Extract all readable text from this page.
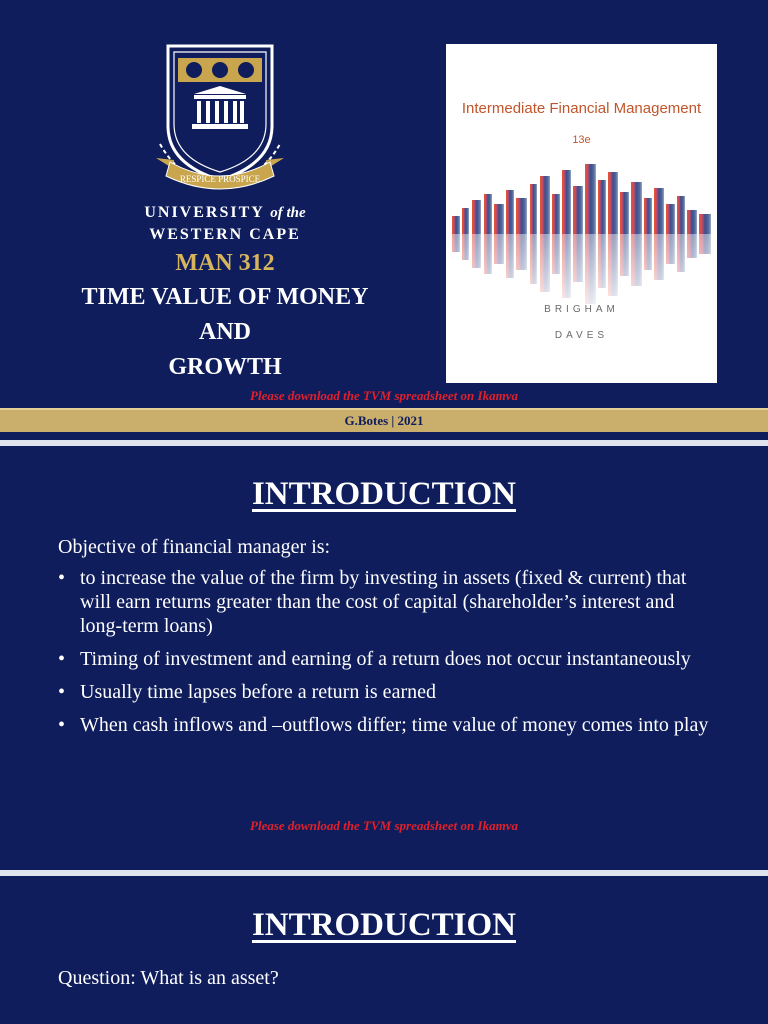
RESPICE PROSPICE
UNIVERSITY of the
WESTERN CAPE
MAN 312
TIME VALUE OF MONEY
AND
GROWTH
Intermediate Financial Management
13e
BRIGHAM
DAVES
Please download the TVM spreadsheet on Ikamva
G.Botes | 2021
INTRODUCTION
Objective of financial manager is:
• to increase the value of the firm by investing in assets (fixed & current) that will earn returns greater than the cost of capital (shareholder’s interest and long-term loans)
• Timing of investment and earning of a return does not occur instantaneously
• Usually time lapses before a return is earned
• When cash inflows and –outflows differ; time value of money comes into play
Please download the TVM spreadsheet on Ikamva
INTRODUCTION
Question: What is an asset?
